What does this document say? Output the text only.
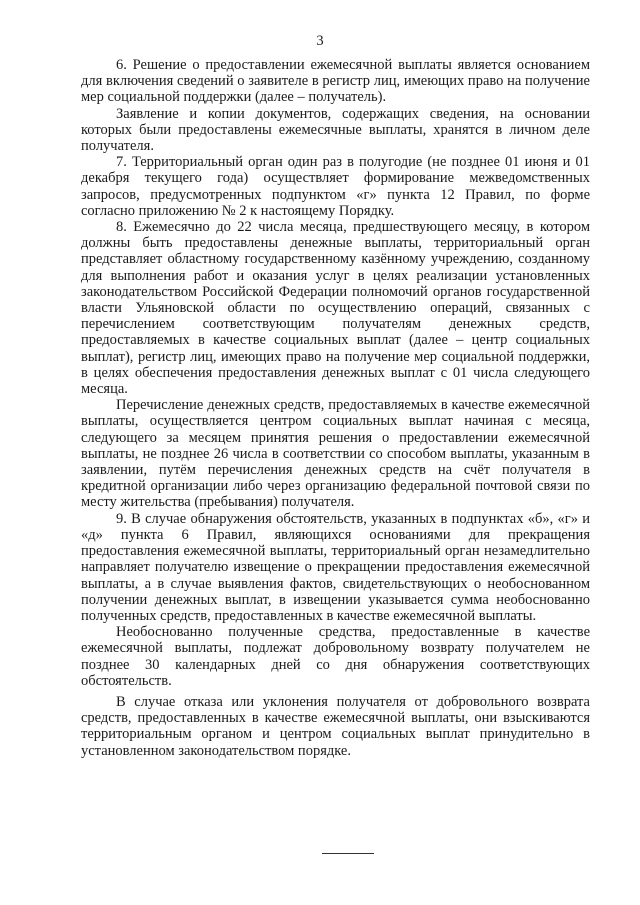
3

6. Решение о предоставлении ежемесячной выплаты является основанием для включения сведений о заявителе в регистр лиц, имеющих право на получение мер социальной поддержки (далее – получатель).

Заявление и копии документов, содержащих сведения, на основании которых были предоставлены ежемесячные выплаты, хранятся в личном деле получателя.

7. Территориальный орган один раз в полугодие (не позднее 01 июня и 01 декабря текущего года) осуществляет формирование межведомственных запросов, предусмотренных подпунктом «г» пункта 12 Правил, по форме согласно приложению № 2 к настоящему Порядку.

8. Ежемесячно до 22 числа месяца, предшествующего месяцу, в котором должны быть предоставлены денежные выплаты, территориальный орган представляет областному государственному казённому учреждению, созданному для выполнения работ и оказания услуг в целях реализации установленных законодательством Российской Федерации полномочий органов государственной власти Ульяновской области по осуществлению операций, связанных с перечислением соответствующим получателям денежных средств, предоставляемых в качестве социальных выплат (далее – центр социальных выплат), регистр лиц, имеющих право на получение мер социальной поддержки, в целях обеспечения предоставления денежных выплат с 01 числа следующего месяца.

Перечисление денежных средств, предоставляемых в качестве ежемесячной выплаты, осуществляется центром социальных выплат начиная с месяца, следующего за месяцем принятия решения о предоставлении ежемесячной выплаты, не позднее 26 числа в соответствии со способом выплаты, указанным в заявлении, путём перечисления денежных средств на счёт получателя в кредитной организации либо через организацию федеральной почтовой связи по месту жительства (пребывания) получателя.

9. В случае обнаружения обстоятельств, указанных в подпунктах «б», «г» и «д» пункта 6 Правил, являющихся основаниями для прекращения предоставления ежемесячной выплаты, территориальный орган незамедлительно направляет получателю извещение о прекращении предоставления ежемесячной выплаты, а в случае выявления фактов, свидетельствующих о необоснованном получении денежных выплат, в извещении указывается сумма необоснованно полученных средств, предоставленных в качестве ежемесячной выплаты.

Необоснованно полученные средства, предоставленные в качестве ежемесячной выплаты, подлежат добровольному возврату получателем не позднее 30 календарных дней со дня обнаружения соответствующих обстоятельств.

В случае отказа или уклонения получателя от добровольного возврата средств, предоставленных в качестве ежемесячной выплаты, они взыскиваются территориальным органом и центром социальных выплат принудительно в установленном законодательством порядке.
